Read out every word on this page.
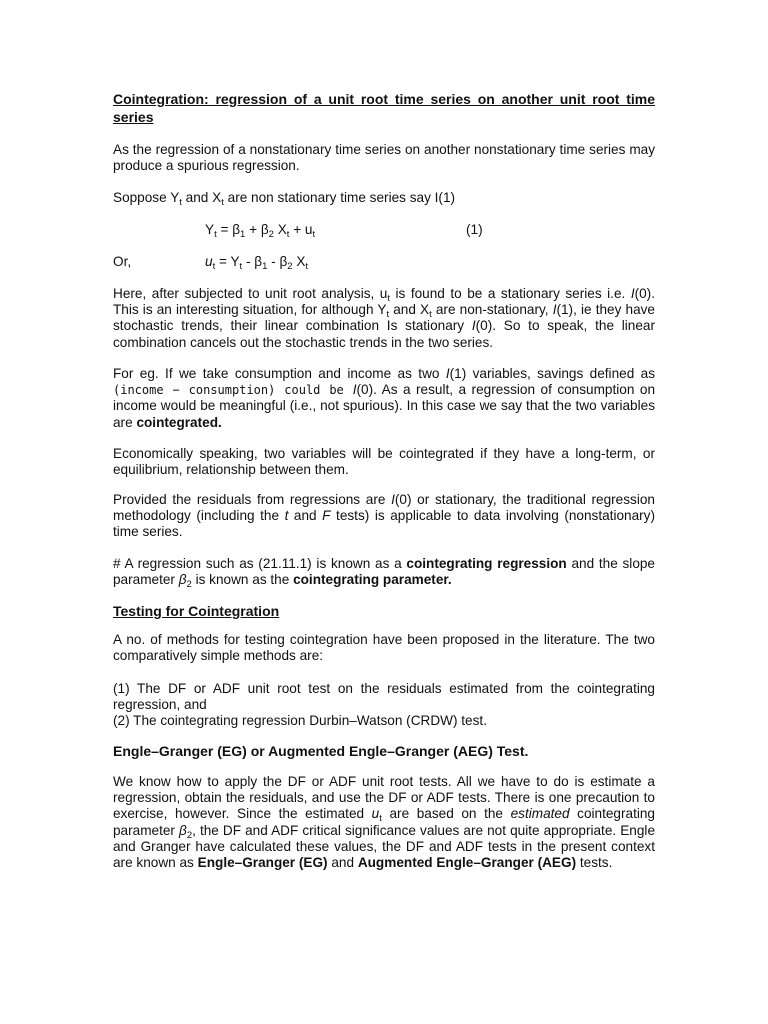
Cointegration: regression of a unit root time series on another unit root time series

As the regression of a nonstationary time series on another nonstationary time series may produce a spurious regression.

Soppose $Y_t$ and $X_t$ are non stationary time series say I(1)

$Y_t = \beta_1 + \beta_2$ $X_t + u_t$	(1)
Or,	$u_t = Y_t - \beta_1 - \beta_2$ $X_t$

Here, after subjected to unit root analysis, $u_t$ is found to be a stationary series i.e. I(0). This is an interesting situation, for although $Y_t$ and $X_t$ are non-stationary, I(1), ie they have stochastic trends, their linear combination Is stationary I(0). So to speak, the linear combination cancels out the stochastic trends in the two series.

For eg. If we take consumption and income as two I(1) variables, savings defined as (income − consumption) could be I(0). As a result, a regression of consumption on income would be meaningful (i.e., not spurious). In this case we say that the two variables are cointegrated.

Economically speaking, two variables will be cointegrated if they have a long-term, or equilibrium, relationship between them.

Provided the residuals from regressions are I(0) or stationary, the traditional regression methodology (including the t and F tests) is applicable to data involving (nonstationary) time series.

# A regression such as (21.11.1) is known as a cointegrating regression and the slope parameter $\beta_2$ is known as the cointegrating parameter.

Testing for Cointegration

A no. of methods for testing cointegration have been proposed in the literature. The two comparatively simple methods are:

(1) The DF or ADF unit root test on the residuals estimated from the cointegrating regression, and

(2) The cointegrating regression Durbin–Watson (CRDW) test.

Engle–Granger (EG) or Augmented Engle–Granger (AEG) Test.

We know how to apply the DF or ADF unit root tests. All we have to do is estimate a regression, obtain the residuals, and use the DF or ADF tests. There is one precaution to exercise, however. Since the estimated $u_t$ are based on the estimated cointegrating parameter $\beta_2$, the DF and ADF critical significance values are not quite appropriate. Engle and Granger have calculated these values, the DF and ADF tests in the present context are known as Engle–Granger (EG) and Augmented Engle–Granger (AEG) tests.
